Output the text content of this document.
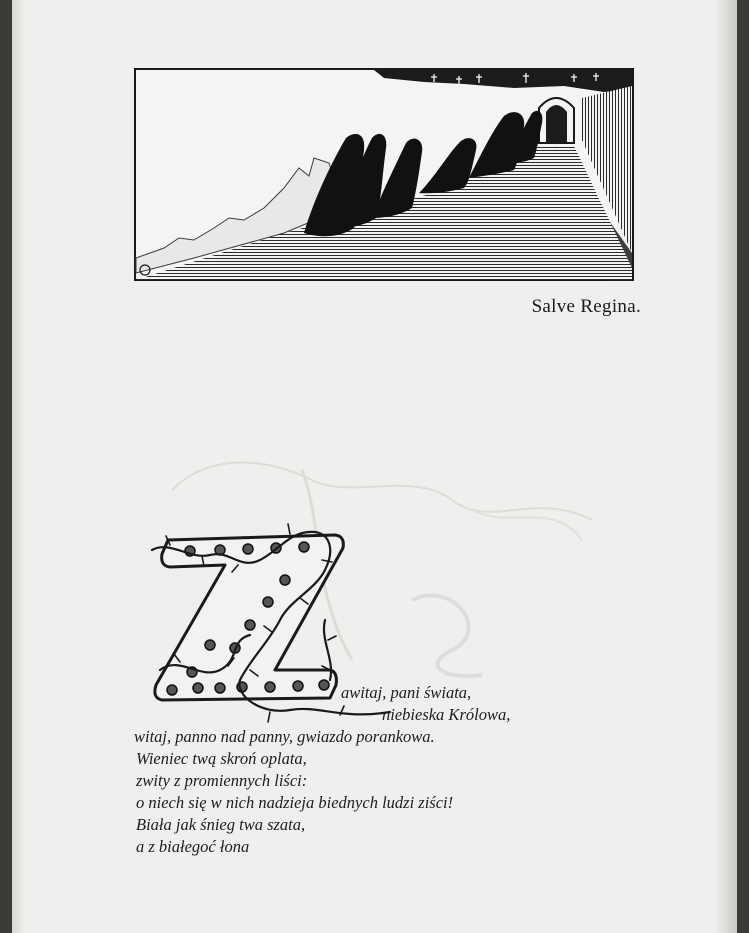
Salve Regina.
awitaj, pani świata,
niebieska Królowa,
witaj, panno nad panny, gwiazdo porankowa.
Wieniec twą skroń oplata,
zwity z promiennych liści:
o niech się w nich nadzieja biednych ludzi ziści!
Biała jak śnieg twa szata,
a z białegoć łona
